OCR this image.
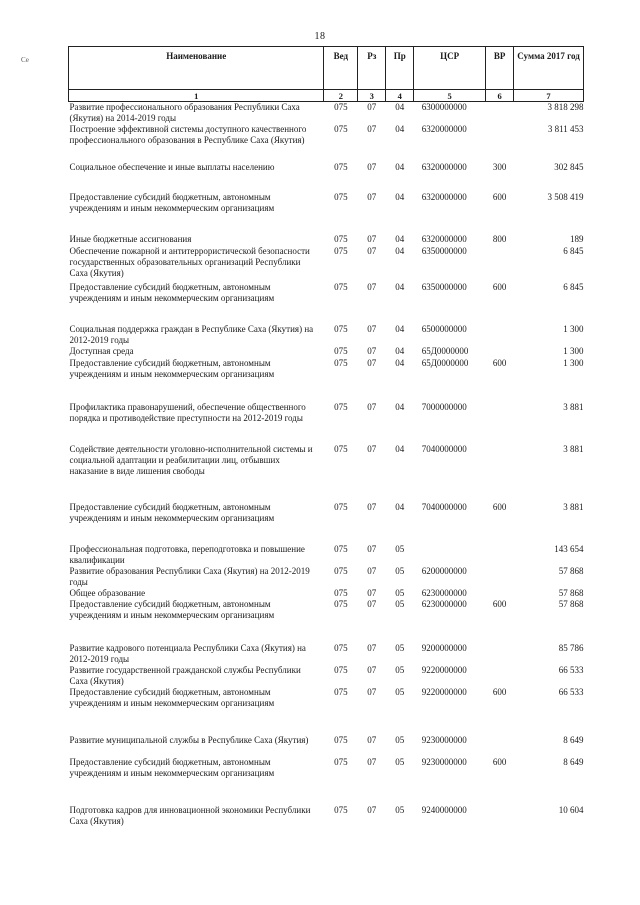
18
Се	Наименование	Вед	Рз	Пр	ЦСР	ВР	Сумма 2017 год
1	2	3	4	5	6	7
Развитие профессионального образования Республики Саха (Якутия) на 2014-2019 годы	075	07	04	6300000000		3 818 298
Построение эффективной системы доступного качественного профессионального образования в Республике Саха (Якутия)	075	07	04	6320000000		3 811 453
Социальное обеспечение и иные выплаты населению	075	07	04	6320000000	300	302 845
Предоставление субсидий бюджетным, автономным учреждениям и иным некоммерческим организациям	075	07	04	6320000000	600	3 508 419
Иные бюджетные ассигнования	075	07	04	6320000000	800	189
Обеспечение пожарной и антитеррористической безопасности государственных образовательных организаций Республики Саха (Якутия)	075	07	04	6350000000		6 845
Предоставление субсидий бюджетным, автономным учреждениям и иным некоммерческим организациям	075	07	04	6350000000	600	6 845
Социальная поддержка граждан в Республике Саха (Якутия) на 2012-2019 годы	075	07	04	6500000000		1 300
Доступная среда	075	07	04	65Д0000000		1 300
Предоставление субсидий бюджетным, автономным учреждениям и иным некоммерческим организациям	075	07	04	65Д0000000	600	1 300
Профилактика правонарушений, обеспечение общественного порядка и противодействие преступности на 2012-2019 годы	075	07	04	7000000000		3 881
Содействие деятельности уголовно-исполнительной системы и социальной адаптации и реабилитации лиц, отбывших наказание в виде лишения свободы	075	07	04	7040000000		3 881
Предоставление субсидий бюджетным, автономным учреждениям и иным некоммерческим организациям	075	07	04	7040000000	600	3 881
Профессиональная подготовка, переподготовка и повышение квалификации	075	07	05			143 654
Развитие образования Республики Саха (Якутия) на 2012-2019 годы	075	07	05	6200000000		57 868
Общее образование	075	07	05	6230000000		57 868
Предоставление субсидий бюджетным, автономным учреждениям и иным некоммерческим организациям	075	07	05	6230000000	600	57 868
Развитие кадрового потенциала Республики Саха (Якутия) на 2012-2019 годы	075	07	05	9200000000		85 786
Развитие государственной гражданской службы Республики Саха (Якутия)	075	07	05	9220000000		66 533
Предоставление субсидий бюджетным, автономным учреждениям и иным некоммерческим организациям	075	07	05	9220000000	600	66 533
Развитие муниципальной службы в Республике Саха (Якутия)	075	07	05	9230000000		8 649
Предоставление субсидий бюджетным, автономным учреждениям и иным некоммерческим организациям	075	07	05	9230000000	600	8 649
Подготовка кадров для инновационной экономики Республики Саха (Якутия)	075	07	05	9240000000		10 604
